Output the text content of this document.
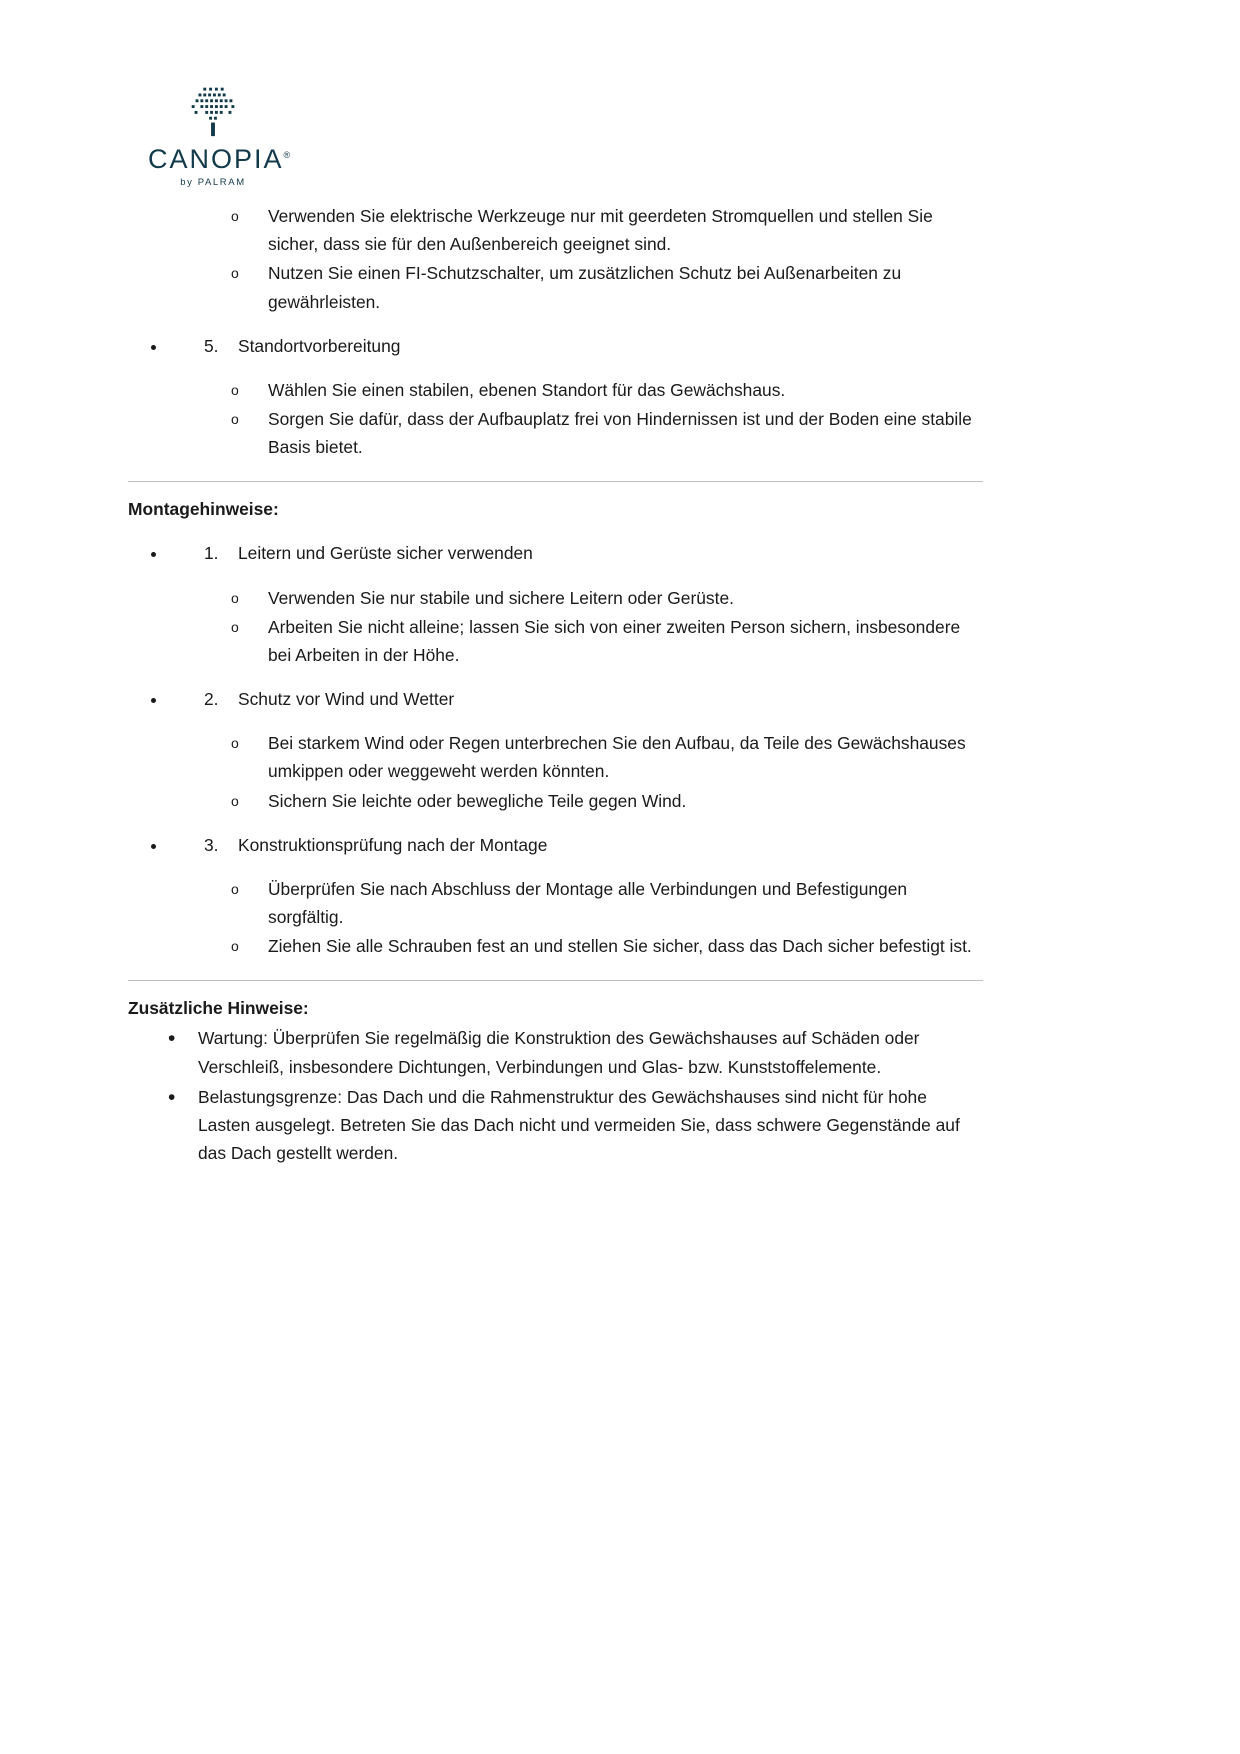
CANOPIA®
by PALRAM
o Verwenden Sie elektrische Werkzeuge nur mit geerdeten Stromquellen und stellen Sie sicher, dass sie für den Außenbereich geeignet sind.
o Nutzen Sie einen FI-Schutzschalter, um zusätzlichen Schutz bei Außenarbeiten zu gewährleisten.
• 5.	Standortvorbereitung
o Wählen Sie einen stabilen, ebenen Standort für das Gewächshaus.
o Sorgen Sie dafür, dass der Aufbauplatz frei von Hindernissen ist und der Boden eine stabile Basis bietet.

Montagehinweise:

• 1.	Leitern und Gerüste sicher verwenden
o Verwenden Sie nur stabile und sichere Leitern oder Gerüste.
o Arbeiten Sie nicht alleine; lassen Sie sich von einer zweiten Person sichern, insbesondere bei Arbeiten in der Höhe.
• 2.	Schutz vor Wind und Wetter
o Bei starkem Wind oder Regen unterbrechen Sie den Aufbau, da Teile des Gewächshauses umkippen oder weggeweht werden könnten.
o Sichern Sie leichte oder bewegliche Teile gegen Wind.
• 3.	Konstruktionsprüfung nach der Montage
o Überprüfen Sie nach Abschluss der Montage alle Verbindungen und Befestigungen sorgfältig.
o Ziehen Sie alle Schrauben fest an und stellen Sie sicher, dass das Dach sicher befestigt ist.

Zusätzliche Hinweise:

• Wartung: Überprüfen Sie regelmäßig die Konstruktion des Gewächshauses auf Schäden oder Verschleiß, insbesondere Dichtungen, Verbindungen und Glas- bzw. Kunststoffelemente.
• Belastungsgrenze: Das Dach und die Rahmenstruktur des Gewächshauses sind nicht für hohe Lasten ausgelegt. Betreten Sie das Dach nicht und vermeiden Sie, dass schwere Gegenstände auf das Dach gestellt werden.
